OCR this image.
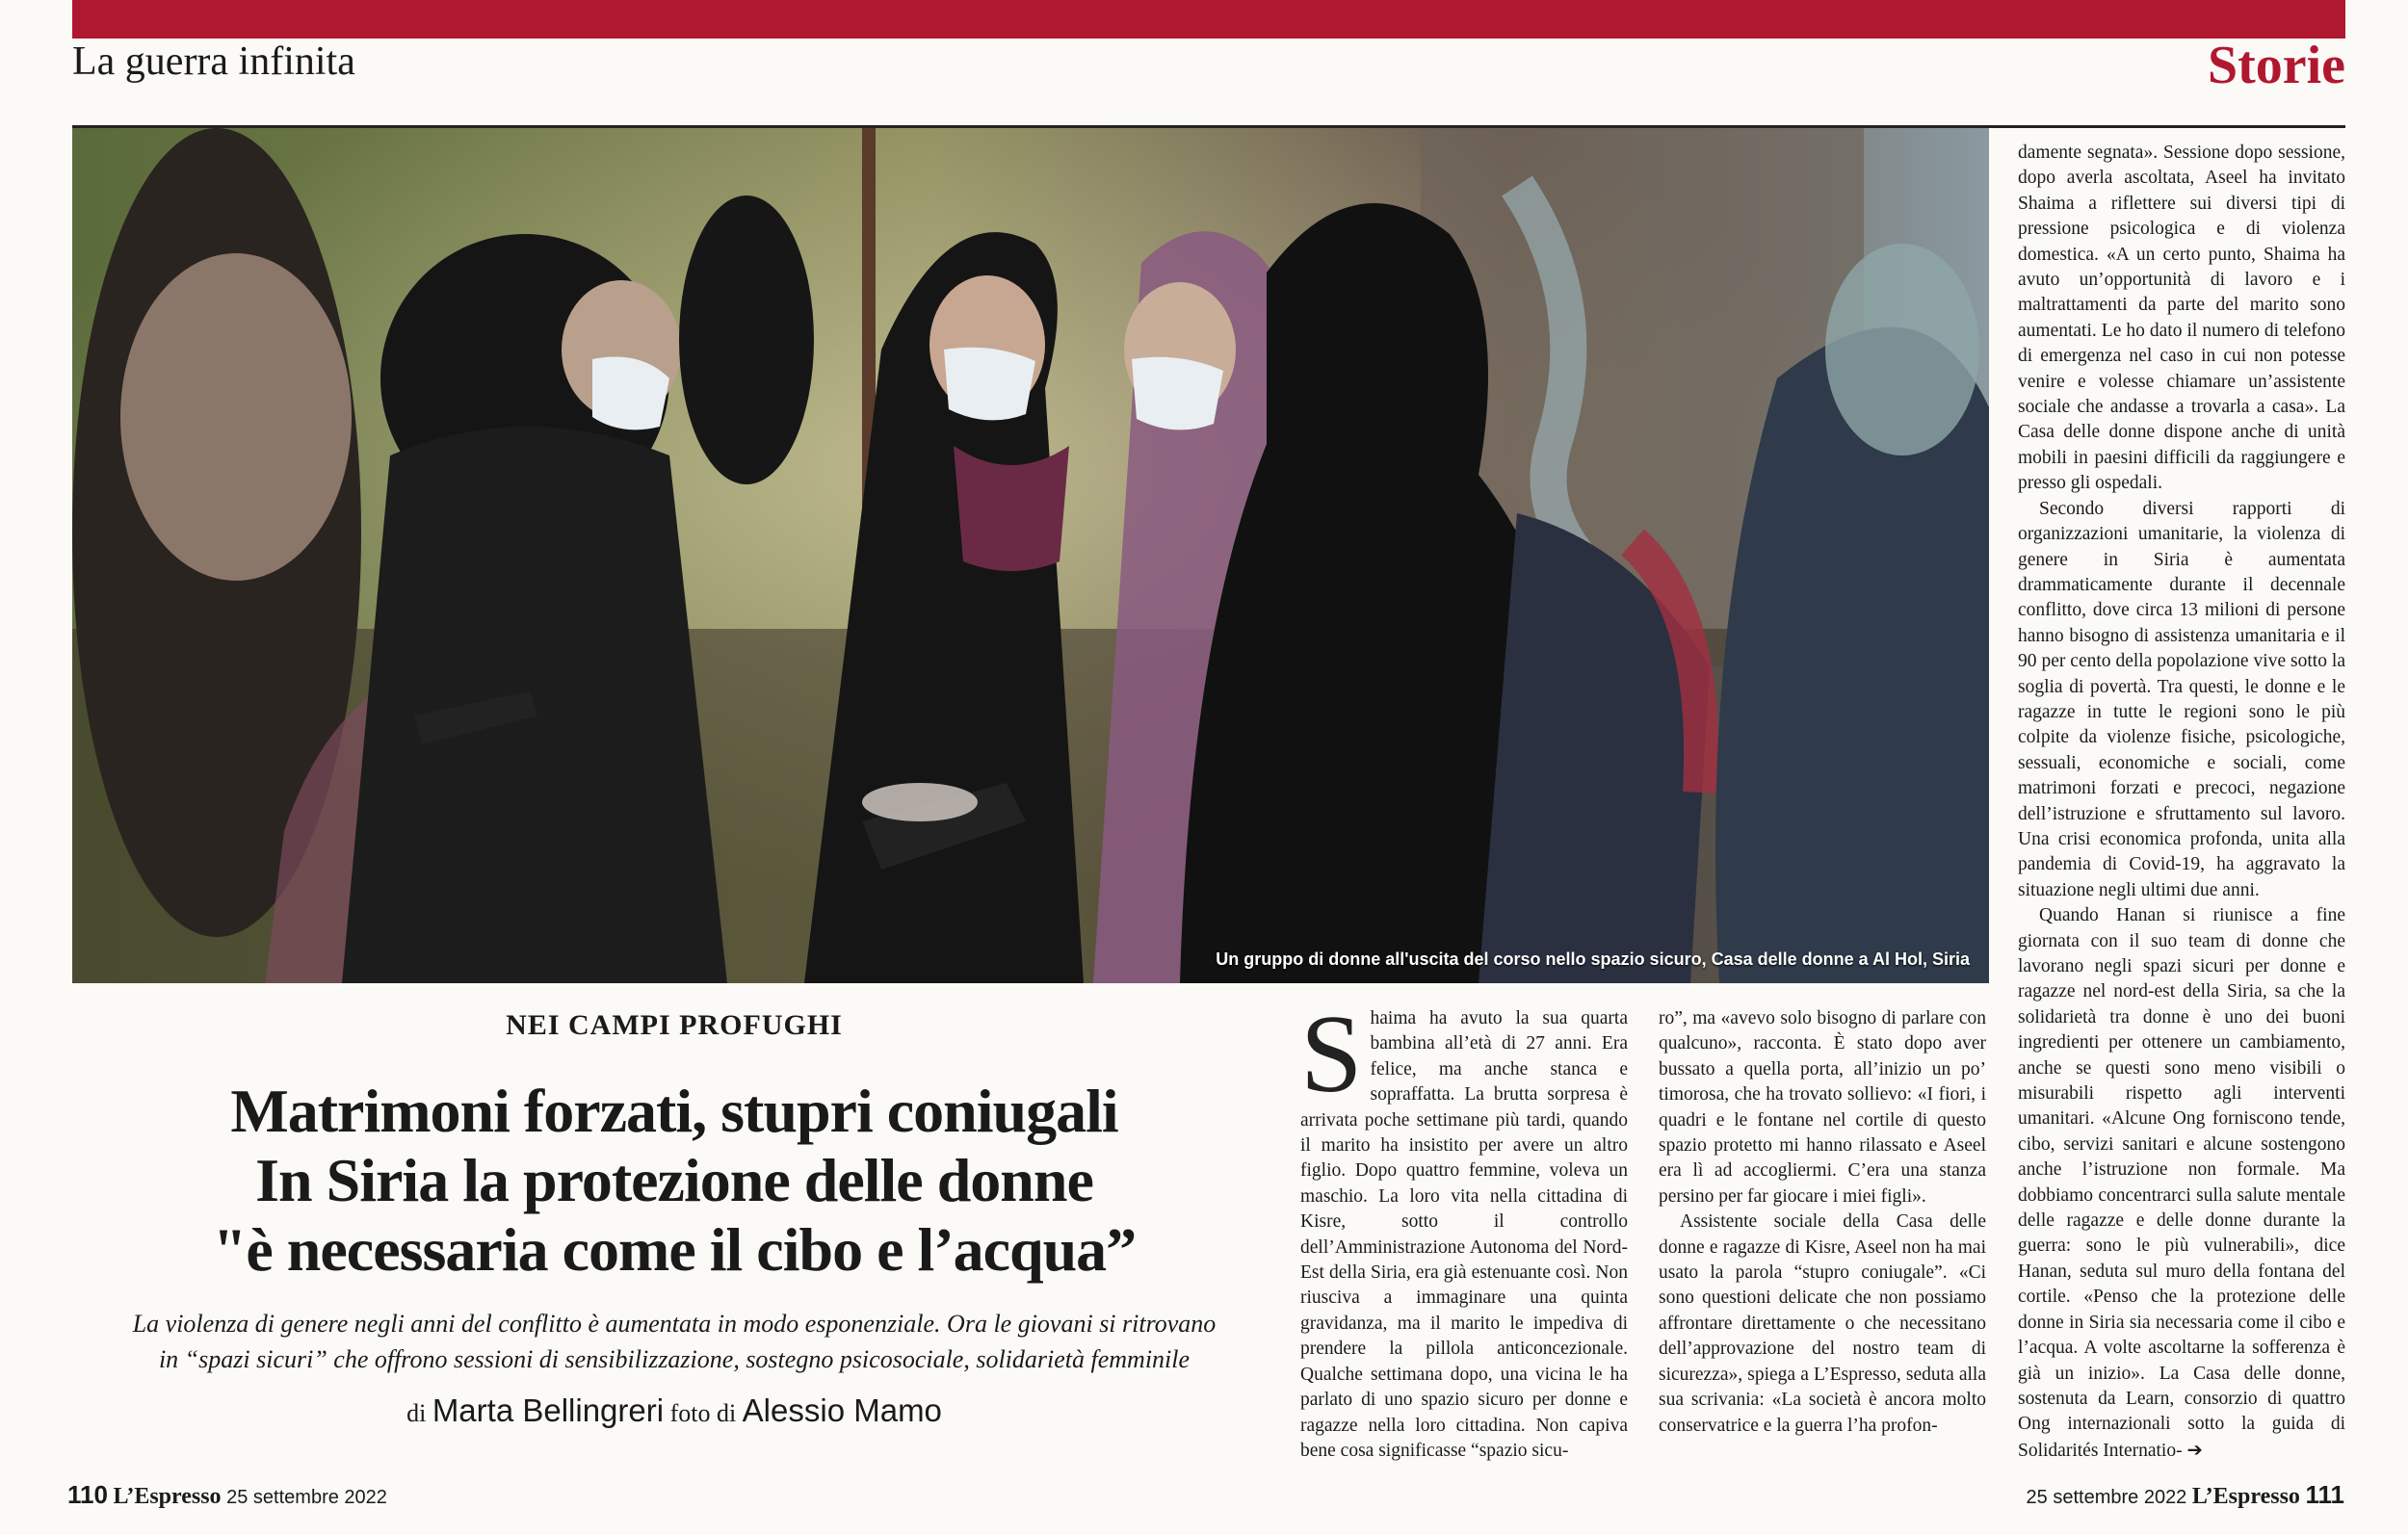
La guerra infinita	Storie
Un gruppo di donne all'uscita del corso nello spazio sicuro, Casa delle donne a Al Hol, Siria
NEI CAMPI PROFUGHI
Matrimoni forzati, stupri coniugali
In Siria la protezione delle donne
"è necessaria come il cibo e l’acqua”
La violenza di genere negli anni del conflitto è aumentata in modo esponenziale. Ora le giovani si ritrovano
in “spazi sicuri” che offrono sessioni di sensibilizzazione, sostegno psicosociale, solidarietà femminile
di Marta Bellingreri foto di Alessio Mamo
S haima ha avuto la sua quarta bambina all’età di 27 anni. Era felice, ma anche stanca e sopraffatta. La brutta sorpresa è arrivata poche settimane più tardi, quando il marito ha insistito per avere un altro figlio. Dopo quattro femmine, voleva un maschio. La loro vita nella cittadina di Kisre, sotto il controllo dell’Amministrazione Autonoma del Nord-Est della Siria, era già estenuante così. Non riusciva a immaginare una quinta gravidanza, ma il marito le impediva di prendere la pillola anticoncezionale. Qualche settimana dopo, una vicina le ha parlato di uno spazio sicuro per donne e ragazze nella loro cittadina. Non capiva bene cosa significasse “spazio sicu-

ro”, ma «avevo solo bisogno di parlare con qualcuno», racconta. È stato dopo aver bussato a quella porta, all’inizio un po’ timorosa, che ha trovato sollievo: «I fiori, i quadri e le fontane nel cortile di questo spazio protetto mi hanno rilassato e Aseel era lì ad accogliermi. C’era una stanza persino per far giocare i miei figli».

Assistente sociale della Casa delle donne e ragazze di Kisre, Aseel non ha mai usato la parola “stupro coniugale”. «Ci sono questioni delicate che non possiamo affrontare direttamente o che necessitano dell’approvazione del nostro team di sicurezza», spiega a L’Espresso, seduta alla sua scrivania: «La società è ancora molto conservatrice e la guerra l’ha profon-

damente segnata». Sessione dopo sessione, dopo averla ascoltata, Aseel ha invitato Shaima a riflettere sui diversi tipi di pressione psicologica e di violenza domestica. «A un certo punto, Shaima ha avuto un’opportunità di lavoro e i maltrattamenti da parte del marito sono aumentati. Le ho dato il numero di telefono di emergenza nel caso in cui non potesse venire e volesse chiamare un’assistente sociale che andasse a trovarla a casa». La Casa delle donne dispone anche di unità mobili in paesini difficili da raggiungere e presso gli ospedali.

Secondo diversi rapporti di organizzazioni umanitarie, la violenza di genere in Siria è aumentata drammaticamente durante il decennale conflitto, dove circa 13 milioni di persone hanno bisogno di assistenza umanitaria e il 90 per cento della popolazione vive sotto la soglia di povertà. Tra questi, le donne e le ragazze in tutte le regioni sono le più colpite da violenze fisiche, psicologiche, sessuali, economiche e sociali, come matrimoni forzati e precoci, negazione dell’istruzione e sfruttamento sul lavoro. Una crisi economica profonda, unita alla pandemia di Covid-19, ha aggravato la situazione negli ultimi due anni.

Quando Hanan si riunisce a fine giornata con il suo team di donne che lavorano negli spazi sicuri per donne e ragazze nel nord-est della Siria, sa che la solidarietà tra donne è uno dei buoni ingredienti per ottenere un cambiamento, anche se questi sono meno visibili o misurabili rispetto agli interventi umanitari. «Alcune Ong forniscono tende, cibo, servizi sanitari e alcune sostengono anche l’istruzione non formale. Ma dobbiamo concentrarci sulla salute mentale delle ragazze e delle donne durante la guerra: sono le più vulnerabili», dice Hanan, seduta sul muro della fontana del cortile. «Penso che la protezione delle donne in Siria sia necessaria come il cibo e l’acqua. A volte ascoltarne la sofferenza è già un inizio». La Casa delle donne, sostenuta da Learn, consorzio di quattro Ong internazionali sotto la guida di Solidarités Internatio- ➔

110 L’Espresso 25 settembre 2022	25 settembre 2022 L’Espresso 111
